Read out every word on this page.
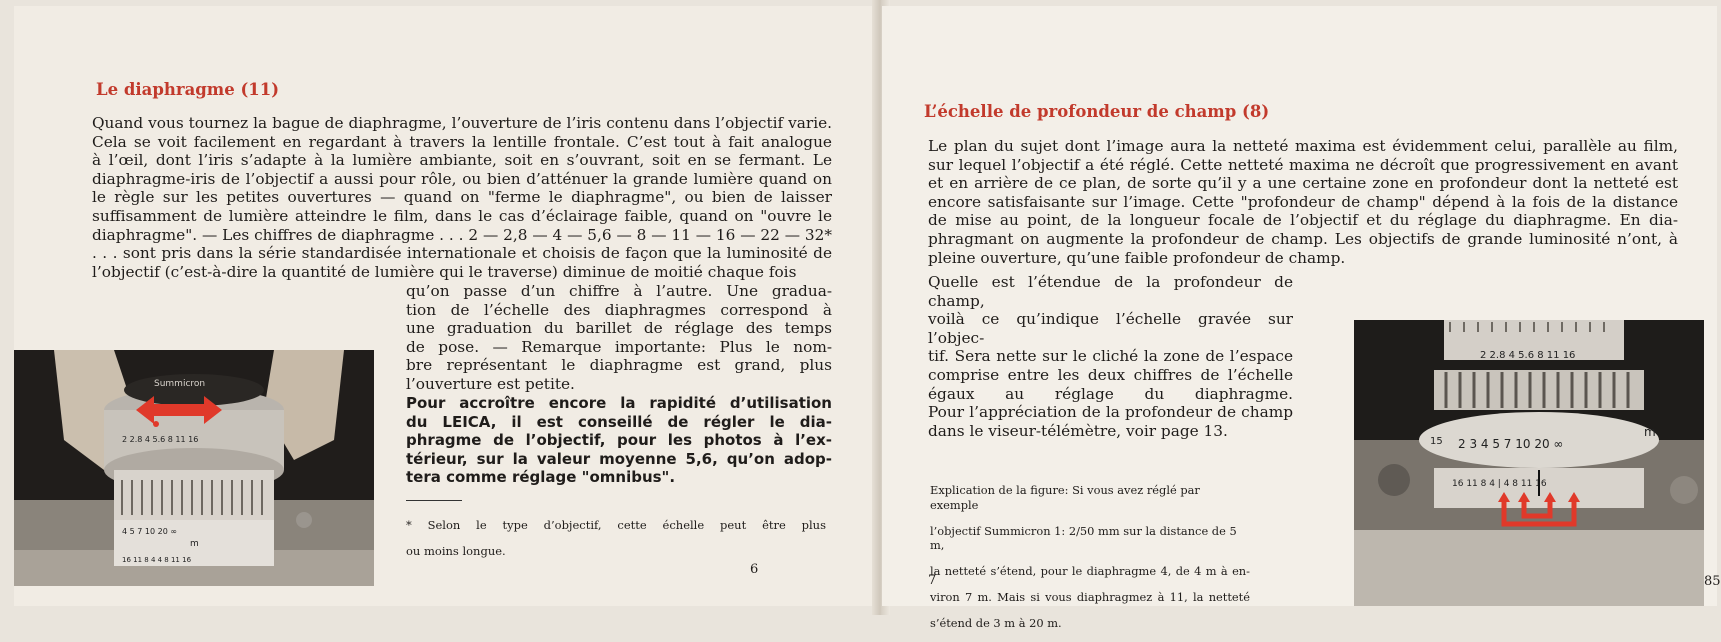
Le diaphragme (11)

Quand vous tournez la bague de diaphragme, l’ouverture de l’iris contenu dans l’objectif varie.

Cela se voit facilement en regardant à travers la lentille frontale. C’est tout à fait analogue

à l’œil, dont l’iris s’adapte à la lumière ambiante, soit en s’ouvrant, soit en se fermant. Le

diaphragme-iris de l’objectif a aussi pour rôle, ou bien d’atténuer la grande lumière quand on

le règle sur les petites ouvertures — quand on "ferme le diaphragme", ou bien de laisser

suffisamment de lumière atteindre le film, dans le cas d’éclairage faible, quand on "ouvre le

diaphragme". — Les chiffres de diaphragme . . . 2 — 2,8 — 4 — 5,6 — 8 — 11 — 16 — 22 — 32*

. . . sont pris dans la série standardisée internationale et choisis de façon que la luminosité de

l’objectif (c’est-à-dire la quantité de lumière qui le traverse) diminue de moitié chaque fois

qu’on passe d’un chiffre à l’autre. Une gradua-

tion de l’échelle des diaphragmes correspond à

une graduation du barillet de réglage des temps

de pose. — Remarque importante: Plus le nom-

bre représentant le diaphragme est grand, plus

l’ouverture est petite.

Pour accroître encore la rapidité d’utilisation

du LEICA, il est conseillé de régler le dia-

phragme de l’objectif, pour les photos à l’ex-

térieur, sur la valeur moyenne 5,6, qu’on adop-

tera comme réglage "omnibus".

* Selon le type d’objectif, cette échelle peut être plus

ou moins longue.

6
Summicron
2 2.8 4 5.6 8 11 16
4 5 7 10 20 ∞
m
16 11 8 4 4 8 11 16
L’échelle de profondeur de champ (8)

Le plan du sujet dont l’image aura la netteté maxima est évidemment celui, parallèle au film,

sur lequel l’objectif a été réglé. Cette netteté maxima ne décroît que progressivement en avant

et en arrière de ce plan, de sorte qu’il y a une certaine zone en profondeur dont la netteté est

encore satisfaisante sur l’image. Cette "profondeur de champ" dépend à la fois de la distance

de mise au point, de la longueur focale de l’objectif et du réglage du diaphragme. En dia-

phragmant on augmente la profondeur de champ. Les objectifs de grande luminosité n’ont, à

pleine ouverture, qu’une faible profondeur de champ.

Quelle est l’étendue de la profondeur de champ,

voilà ce qu’indique l’échelle gravée sur l’objec-

tif. Sera nette sur le cliché la zone de l’espace

comprise entre les deux chiffres de l’échelle

égaux au réglage du diaphragme.

Pour l’appréciation de la profondeur de champ

dans le viseur-télémètre, voir page 13.

Explication de la figure: Si vous avez réglé par exemple

l’objectif Summicron 1: 2/50 mm sur la distance de 5 m,

la netteté s’étend, pour le diaphragme 4, de 4 m à en-

viron 7 m. Mais si vous diaphragmez à 11, la netteté

s’étend de 3 m à 20 m.

7
2 2.8 4 5.6 8 11 16
15 2 3 4 5 7 10 20 ∞
m
16 11 8 4 | 4 8 11 16
85
